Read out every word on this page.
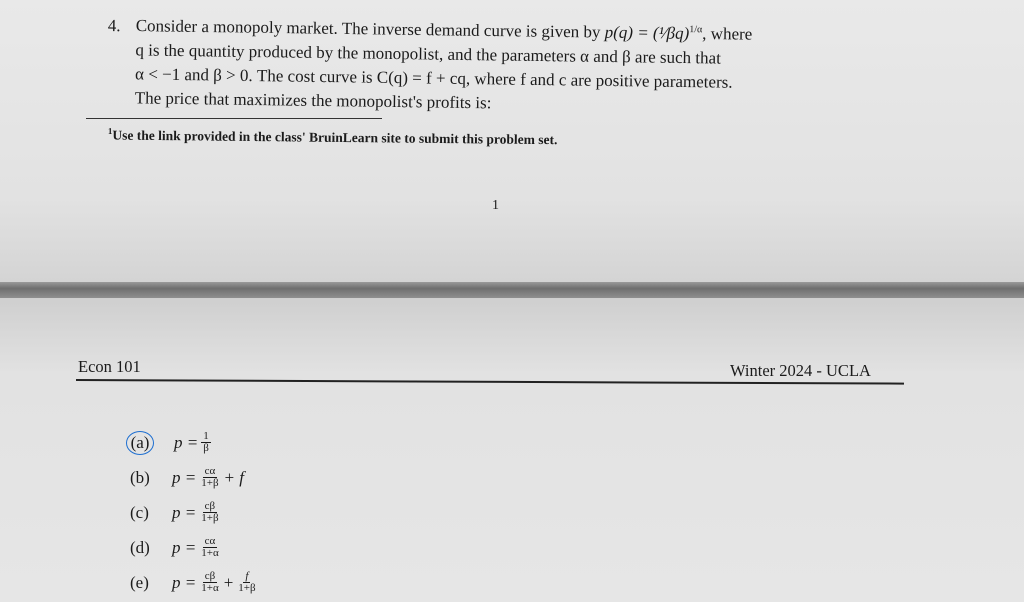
4. Consider a monopoly market. The inverse demand curve is given by p(q) = (¹⁄βq)$^{1/\alpha}$, where
q is the quantity produced by the monopolist, and the parameters α and β are such that
α < −1 and β > 0. The cost curve is C(q) = f + cq, where f and c are positive parameters.
The price that maximizes the monopolist's profits is:
$^1$Use the link provided in the class' BruinLearn site to submit this problem set.
1
Econ 101	Winter 2024 - UCLA
(a) $p = \frac{1}{\beta}$
(b)	$p = \frac{c\alpha}{1+\beta} + f$
(c)	$p = \frac{c\beta}{1+\beta}$
(d)	$p = \frac{c\alpha}{1+\alpha}$
(e)	$p = \frac{c\beta}{1+\alpha} + \frac{f}{1+\beta}$
